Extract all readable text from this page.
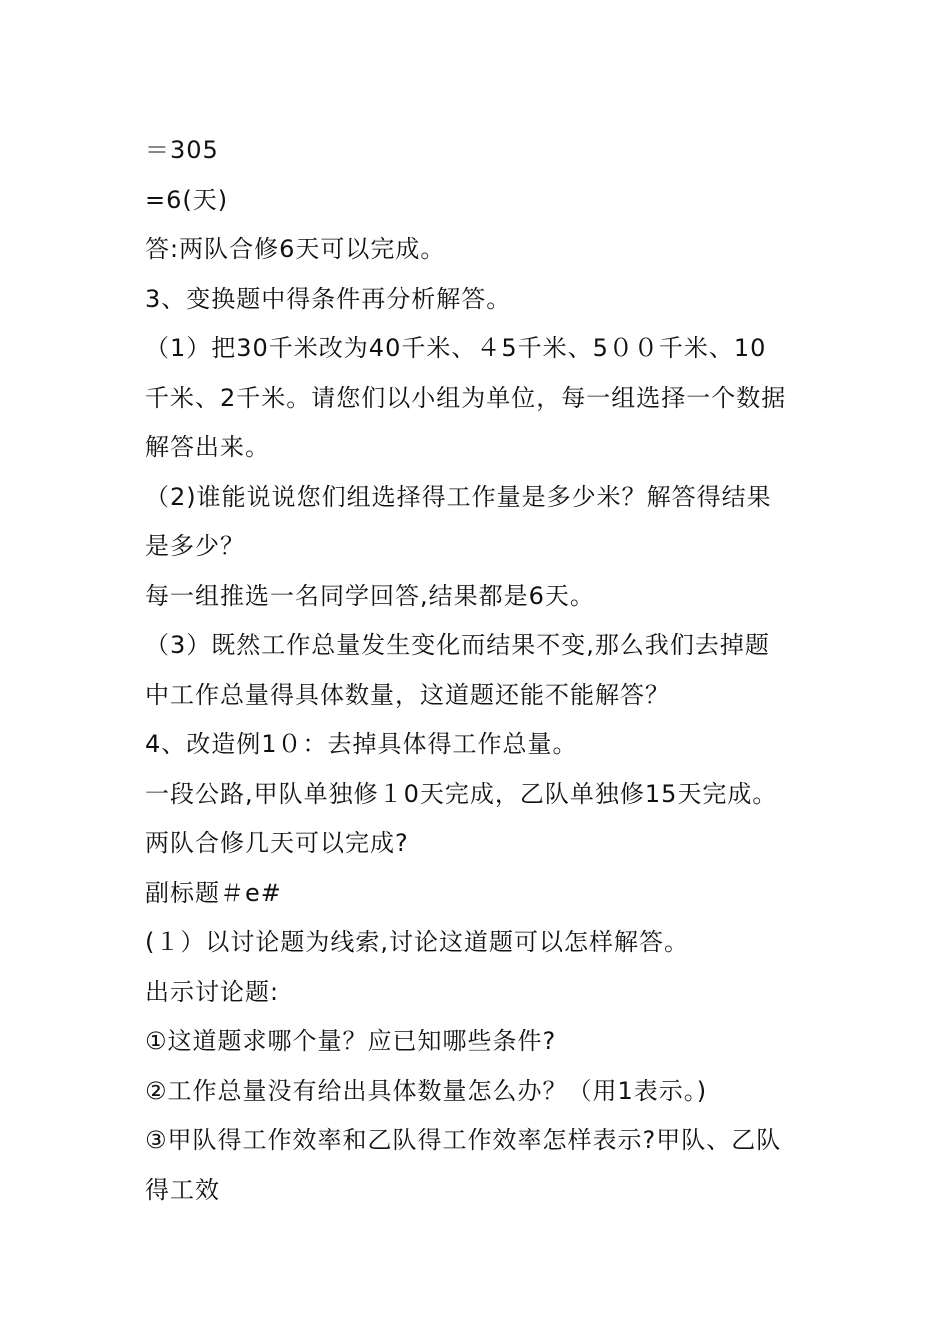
＝305
=6(天)
答:两队合修6天可以完成。
3、变换题中得条件再分析解答。
（1）把30千米改为40千米、４5千米、5００千米、10
千米、2千米。请您们以小组为单位，每一组选择一个数据
解答出来。
（2)谁能说说您们组选择得工作量是多少米？解答得结果
是多少？
每一组推选一名同学回答,结果都是6天。
（3）既然工作总量发生变化而结果不变,那么我们去掉题
中工作总量得具体数量，这道题还能不能解答？
4、改造例1０：去掉具体得工作总量。
一段公路,甲队单独修１0天完成，乙队单独修15天完成。
两队合修几天可以完成?
副标题＃e#
(１）以讨论题为线索,讨论这道题可以怎样解答。
出示讨论题:
①这道题求哪个量？应已知哪些条件?
②工作总量没有给出具体数量怎么办？（用1表示。)
③甲队得工作效率和乙队得工作效率怎样表示?甲队、乙队
得工效
